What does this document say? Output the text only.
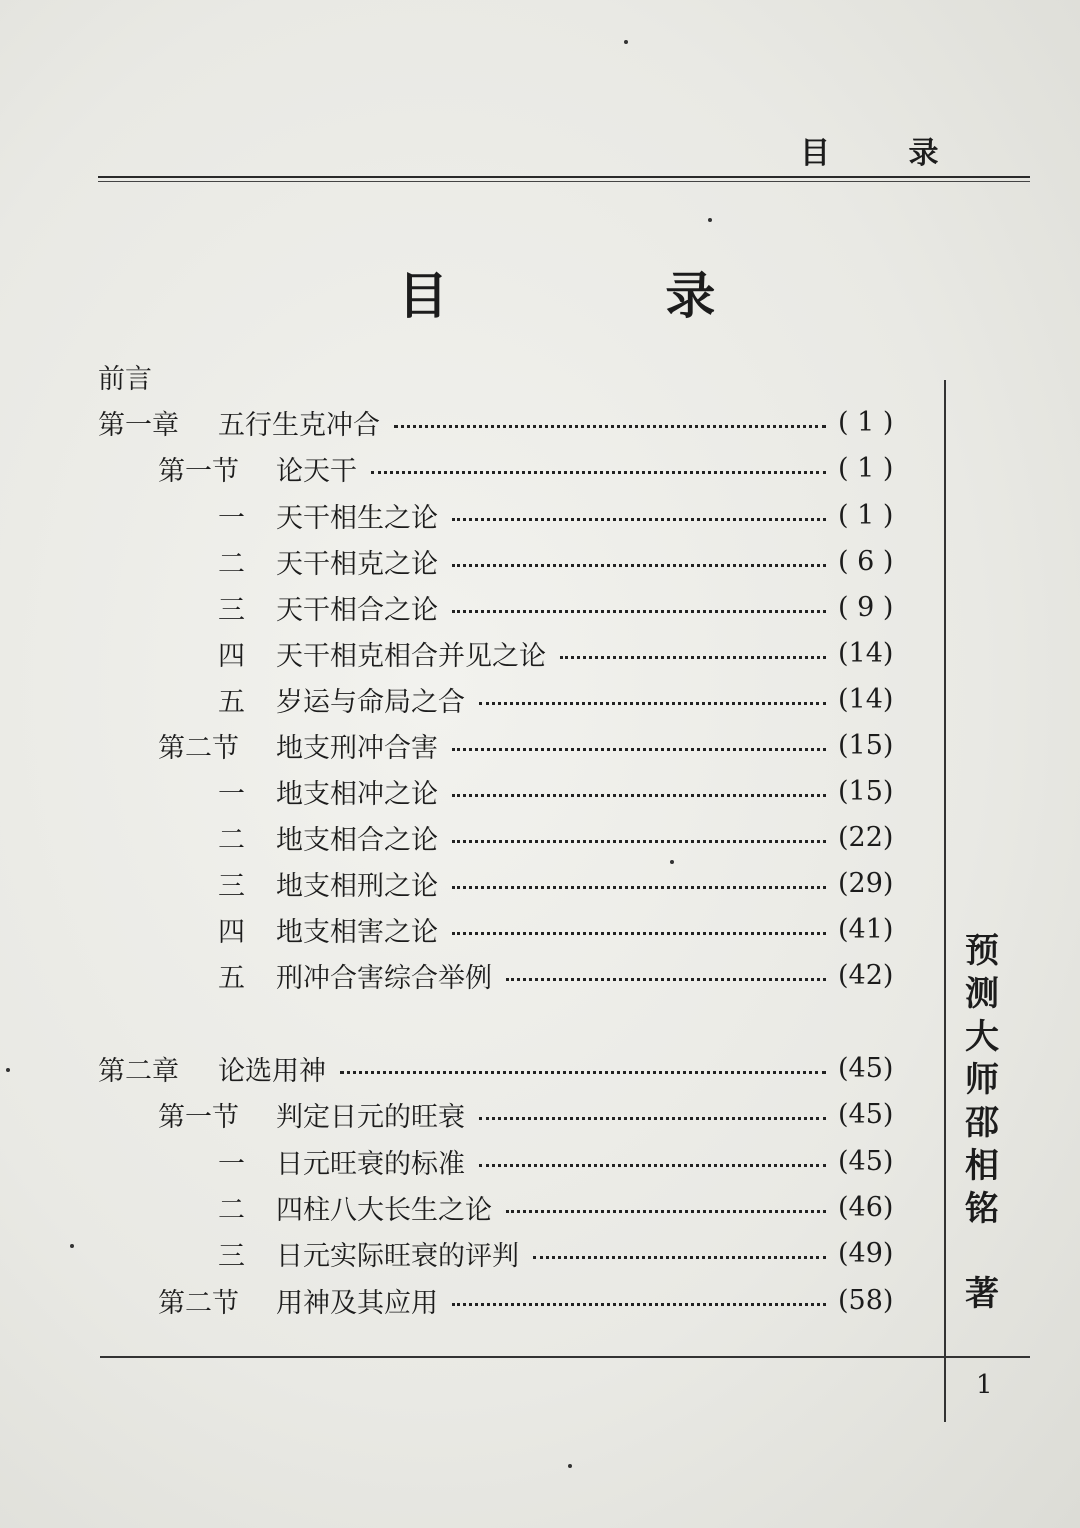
目 录
目 录
前言
第一章 五行生克冲合	( 1 )
第一节 论天干	( 1 )
一 天干相生之论	( 1 )
二 天干相克之论	( 6 )
三 天干相合之论	( 9 )
四 天干相克相合并见之论	(14)
五 岁运与命局之合	(14)
第二节 地支刑冲合害	(15)
一 地支相冲之论	(15)
二 地支相合之论	(22)
三 地支相刑之论	(29)
四 地支相害之论	(41)
五 刑冲合害综合举例	(42)
第二章 论选用神	(45)
第一节 判定日元的旺衰	(45)
一 日元旺衰的标准	(45)
二 四柱八大长生之论	(46)
三 日元实际旺衰的评判	(49)
第二节 用神及其应用	(58)
预
测
大
师
邵
相
铭
著
1
